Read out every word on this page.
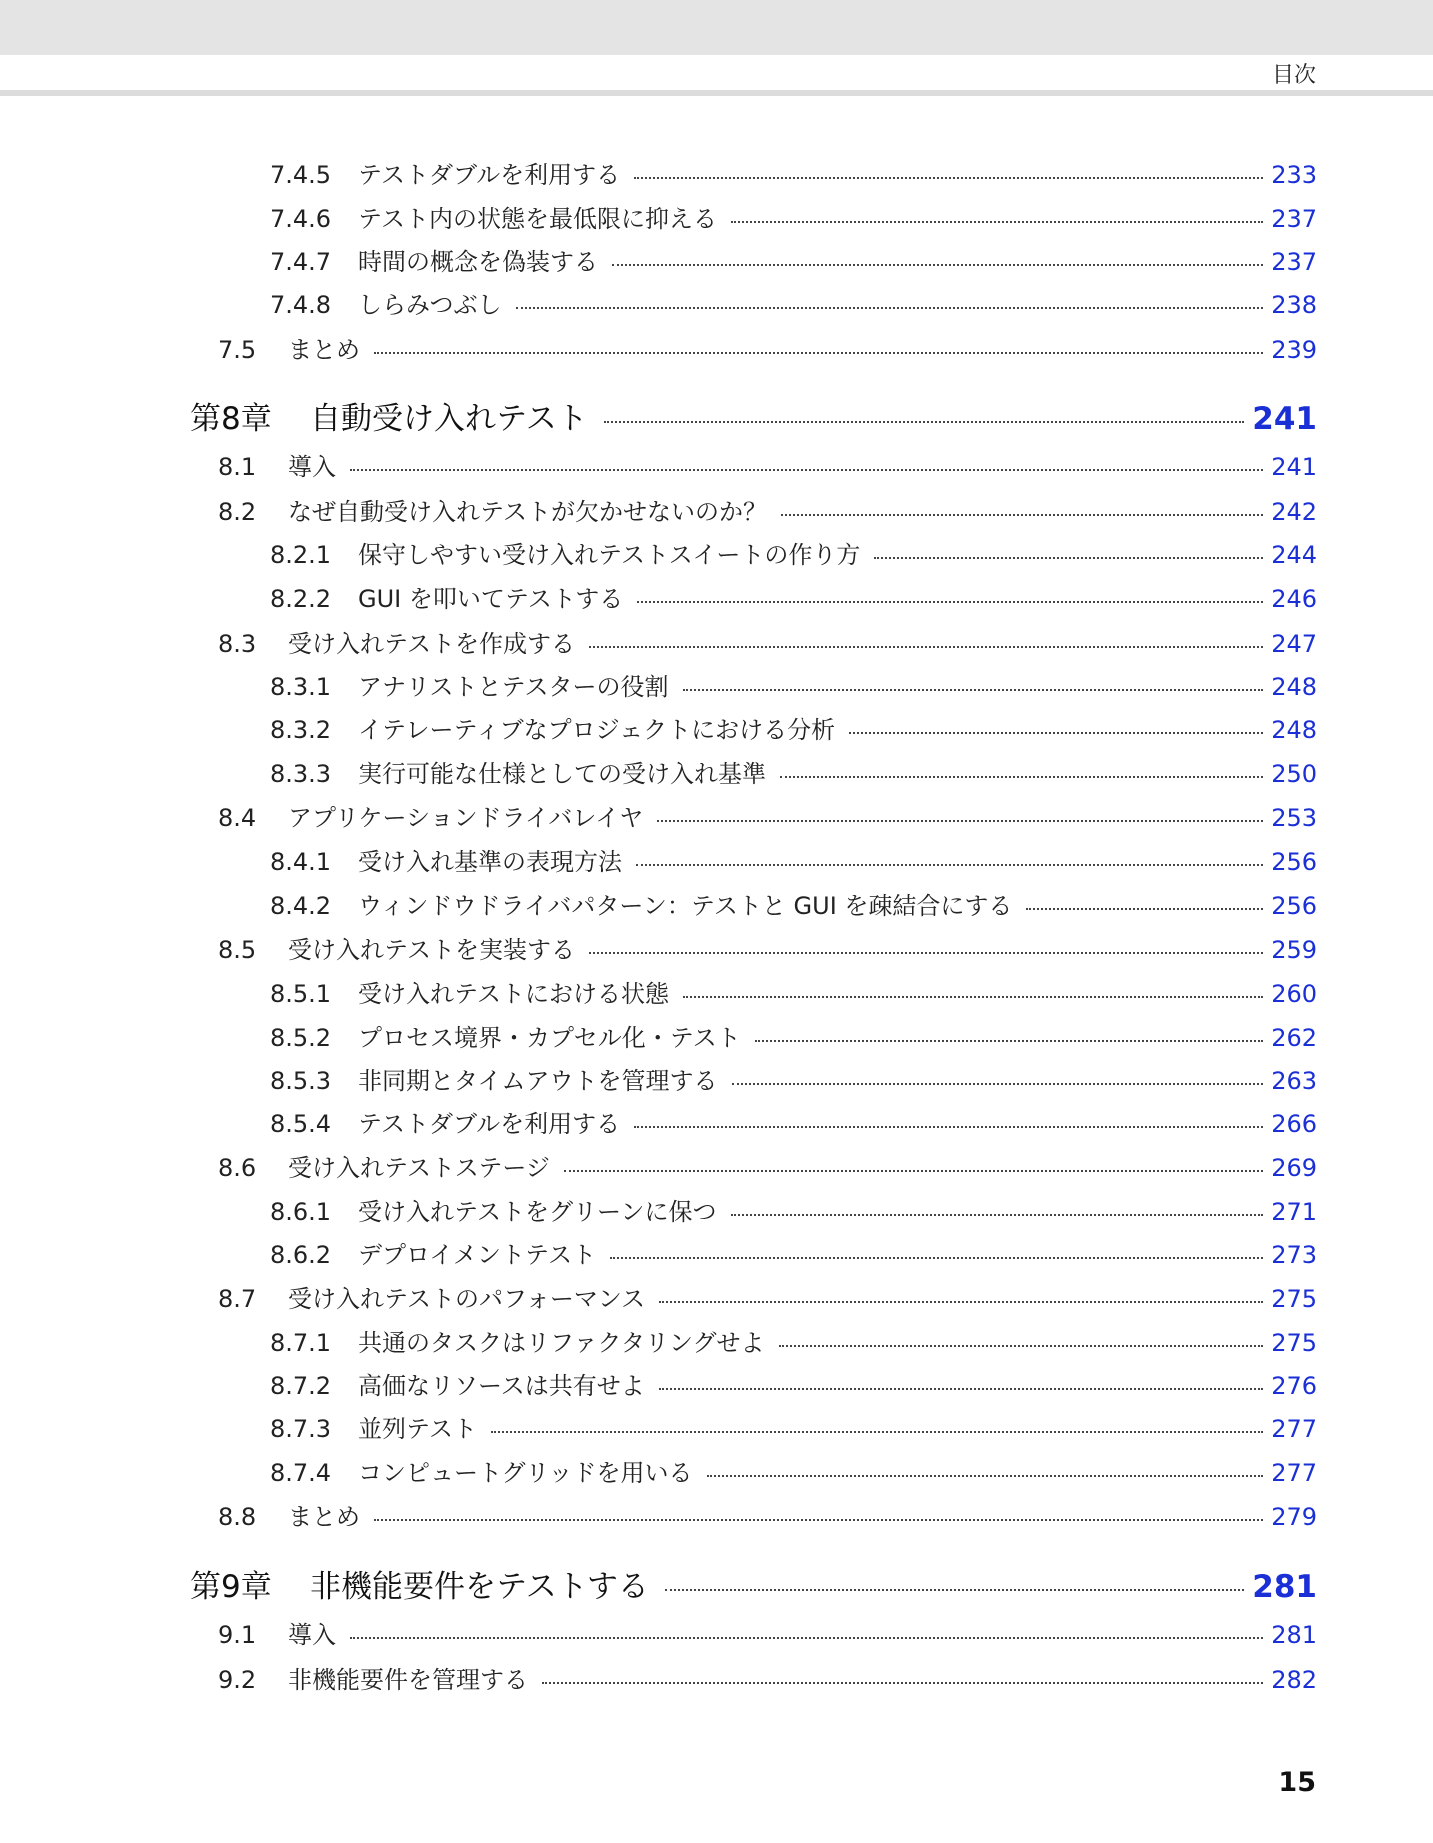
目次
7.4.5	テストダブルを利用する	233
7.4.6	テスト内の状態を最低限に抑える	237
7.4.7	時間の概念を偽装する	237
7.4.8	しらみつぶし	238
7.5	まとめ	239
第8章	自動受け入れテスト	241
8.1	導入	241
8.2	なぜ自動受け入れテストが欠かせないのか？	242
8.2.1	保守しやすい受け入れテストスイートの作り方	244
8.2.2	GUI を叩いてテストする	246
8.3	受け入れテストを作成する	247
8.3.1	アナリストとテスターの役割	248
8.3.2	イテレーティブなプロジェクトにおける分析	248
8.3.3	実行可能な仕様としての受け入れ基準	250
8.4	アプリケーションドライバレイヤ	253
8.4.1	受け入れ基準の表現方法	256
8.4.2	ウィンドウドライバパターン：テストと GUI を疎結合にする	256
8.5	受け入れテストを実装する	259
8.5.1	受け入れテストにおける状態	260
8.5.2	プロセス境界・カプセル化・テスト	262
8.5.3	非同期とタイムアウトを管理する	263
8.5.4	テストダブルを利用する	266
8.6	受け入れテストステージ	269
8.6.1	受け入れテストをグリーンに保つ	271
8.6.2	デプロイメントテスト	273
8.7	受け入れテストのパフォーマンス	275
8.7.1	共通のタスクはリファクタリングせよ	275
8.7.2	高価なリソースは共有せよ	276
8.7.3	並列テスト	277
8.7.4	コンピュートグリッドを用いる	277
8.8	まとめ	279
第9章	非機能要件をテストする	281
9.1	導入	281
9.2	非機能要件を管理する	282
15
